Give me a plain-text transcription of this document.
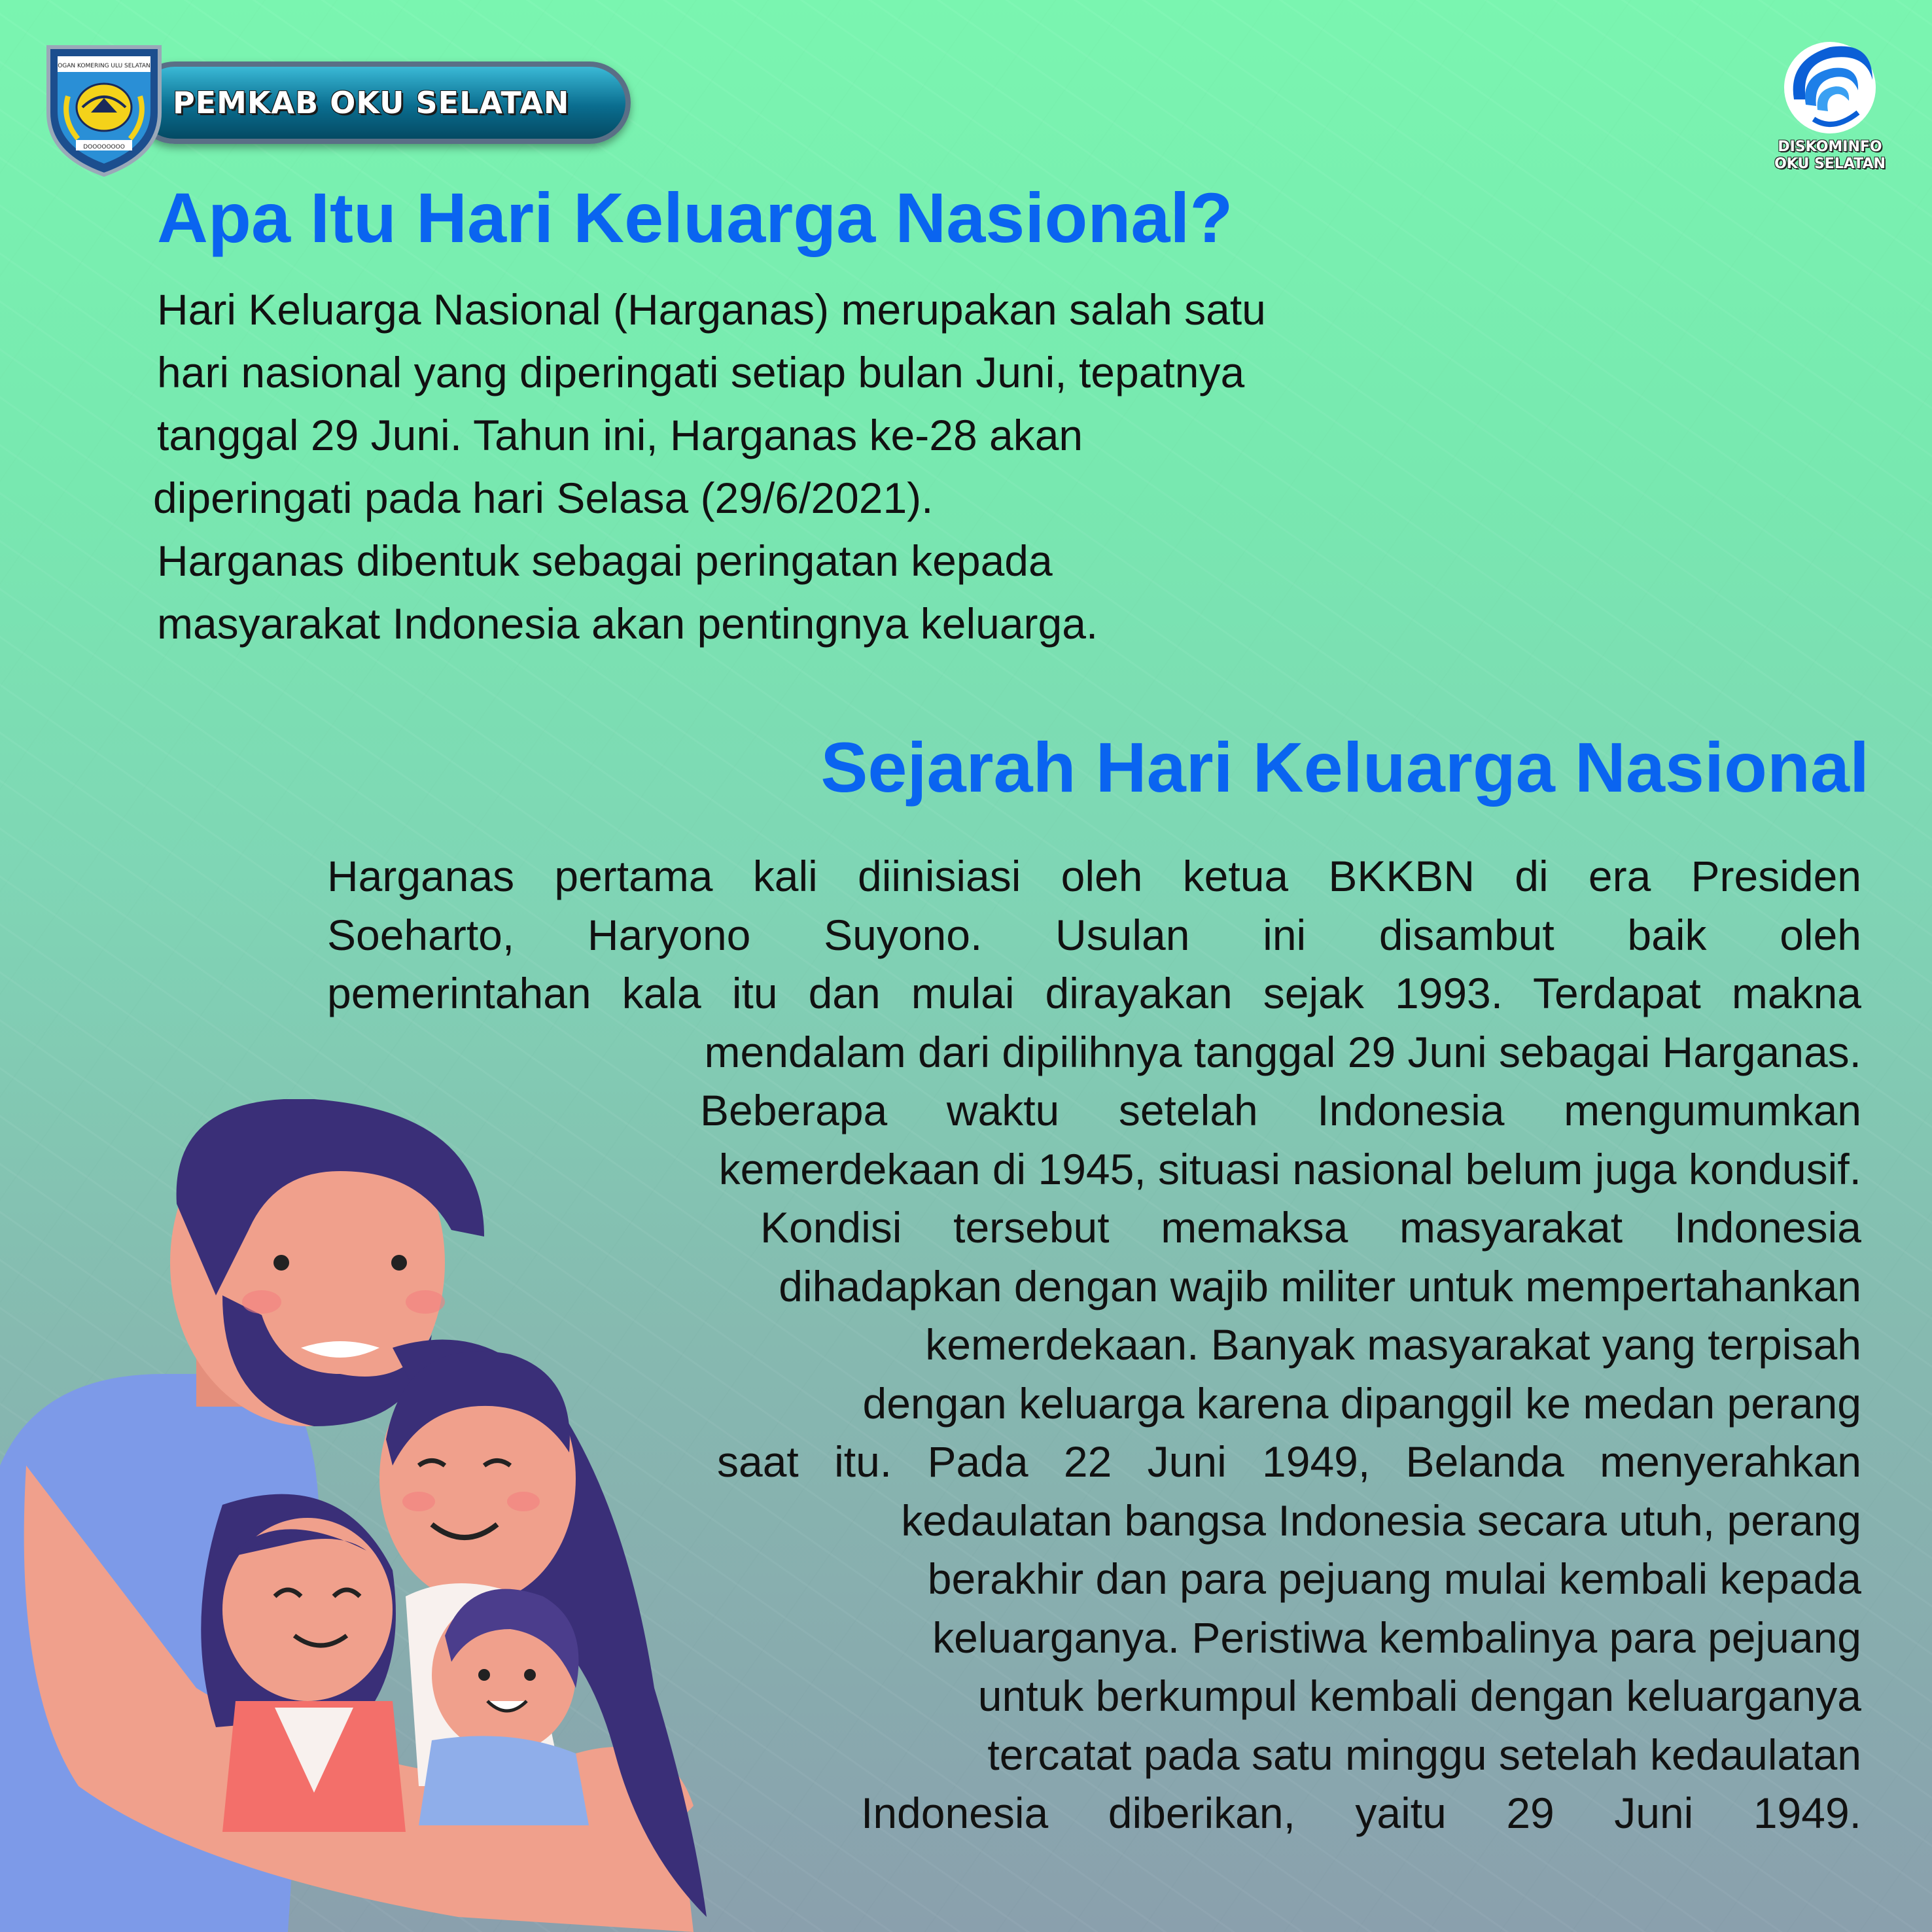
PEMKAB OKU SELATAN
OGAN KOMERING ULU SELATAN
DOOOOOOOO	DISKOMINFO
OKU SELATAN
Apa Itu Hari Keluarga Nasional?

Hari Keluarga Nasional (Harganas) merupakan salah satu

hari nasional yang diperingati setiap bulan Juni, tepatnya

tanggal 29 Juni. Tahun ini, Harganas ke-28 akan

diperingati pada hari Selasa (29/6/2021).

Harganas dibentuk sebagai peringatan kepada

masyarakat Indonesia akan pentingnya keluarga.

Sejarah Hari Keluarga Nasional
Harganas pertama kali diinisiasi oleh ketua BKKBN di era Presiden
Soeharto, Haryono Suyono. Usulan ini disambut baik oleh
pemerintahan kala itu dan mulai dirayakan sejak 1993. Terdapat makna
mendalam dari dipilihnya tanggal 29 Juni sebagai Harganas.
Beberapa waktu setelah Indonesia mengumumkan
kemerdekaan di 1945, situasi nasional belum juga kondusif.
Kondisi tersebut memaksa masyarakat Indonesia
dihadapkan dengan wajib militer untuk mempertahankan
kemerdekaan. Banyak masyarakat yang terpisah
dengan keluarga karena dipanggil ke medan perang
saat itu. Pada 22 Juni 1949, Belanda menyerahkan
kedaulatan bangsa Indonesia secara utuh, perang
berakhir dan para pejuang mulai kembali kepada
keluarganya. Peristiwa kembalinya para pejuang
untuk berkumpul kembali dengan keluarganya
tercatat pada satu minggu setelah kedaulatan
Indonesia diberikan, yaitu 29 Juni 1949.
